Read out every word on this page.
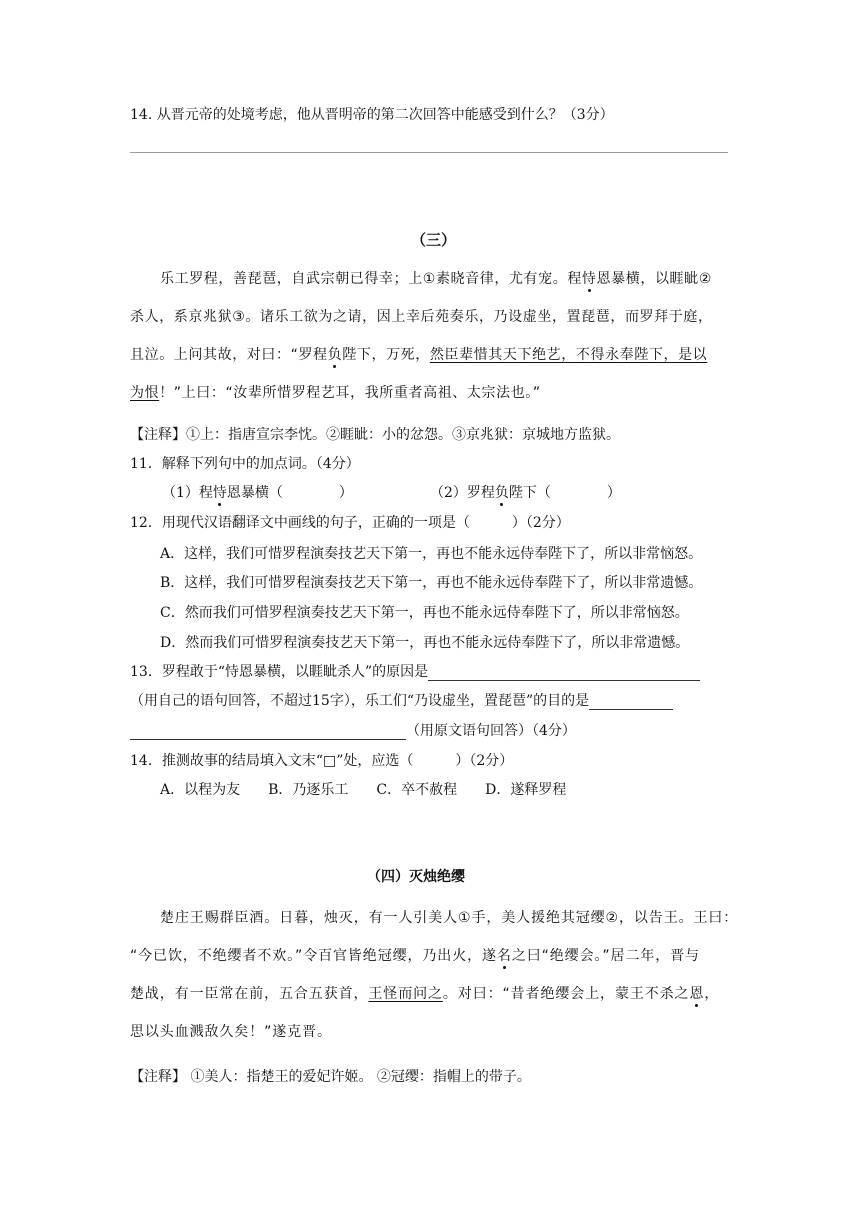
14. 从晋元帝的处境考虑，他从晋明帝的第二次回答中能感受到什么？（3分）
（三）
乐工罗程，善琵琶，自武宗朝已得幸；上①素晓音律，尤有宠。程恃恩暴横，以睚眦②
杀人，系京兆狱③。诸乐工欲为之请，因上幸后苑奏乐，乃设虚坐，置琵琶，而罗拜于庭，
且泣。上问其故，对曰：“罗程负陛下，万死，然臣辈惜其天下绝艺，不得永奉陛下，是以
为恨！”上曰：“汝辈所惜罗程艺耳，我所重者高祖、太宗法也。”
【注释】①上：指唐宣宗李忱。②睚眦：小的忿怨。③京兆狱：京城地方监狱。
11．解释下列句中的加点词。（4分）
（1）程恃恩暴横（　　　　）	（2）罗程负陛下（　　　　）
12．用现代汉语翻译文中画线的句子，正确的一项是（　　　）（2分）
A．这样，我们可惜罗程演奏技艺天下第一，再也不能永远侍奉陛下了，所以非常恼怒。
B．这样，我们可惜罗程演奏技艺天下第一，再也不能永远侍奉陛下了，所以非常遗憾。
C．然而我们可惜罗程演奏技艺天下第一，再也不能永远侍奉陛下了，所以非常恼怒。
D．然而我们可惜罗程演奏技艺天下第一，再也不能永远侍奉陛下了，所以非常遗憾。
13．罗程敢于“恃恩暴横，以睚眦杀人”的原因是
（用自己的语句回答，不超过15字），乐工们“乃设虚坐，置琵琶”的目的是
（用原文语句回答）（4分）
14．推测故事的结局填入文末“□”处，应选（　　　）（2分）
A．以程为友　　B．乃逐乐工　　C．卒不赦程　　D．遂释罗程
（四）灭烛绝缨
楚庄王赐群臣酒。日暮，烛灭，有一人引美人①手，美人援绝其冠缨②，以告王。王曰：
“今已饮，不绝缨者不欢。”令百官皆绝冠缨，乃出火，遂名之曰“绝缨会。”居二年，晋与
楚战，有一臣常在前，五合五获首，王怪而问之。对曰：“昔者绝缨会上，蒙王不杀之恩，
思以头血溅敌久矣！”遂克晋。
【注释】 ①美人：指楚王的爱妃许姬。 ②冠缨：指帽上的带子。
